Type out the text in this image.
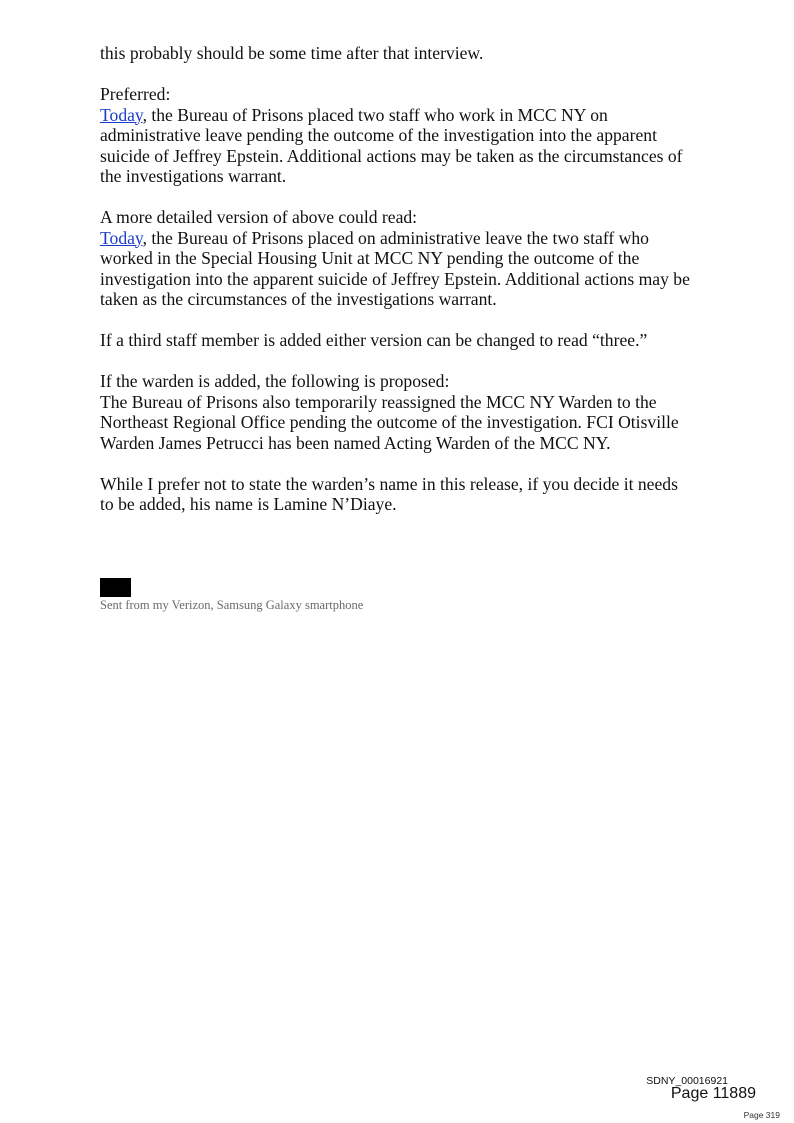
this probably should be some time after that interview.

Preferred:
Today, the Bureau of Prisons placed two staff who work in MCC NY on
administrative leave pending the outcome of the investigation into the apparent
suicide of Jeffrey Epstein. Additional actions may be taken as the circumstances of
the investigations warrant.

A more detailed version of above could read:
Today, the Bureau of Prisons placed on administrative leave the two staff who
worked in the Special Housing Unit at MCC NY pending the outcome of the
investigation into the apparent suicide of Jeffrey Epstein. Additional actions may be
taken as the circumstances of the investigations warrant.

If a third staff member is added either version can be changed to read “three.”

If the warden is added, the following is proposed:
The Bureau of Prisons also temporarily reassigned the MCC NY Warden to the
Northeast Regional Office pending the outcome of the investigation. FCI Otisville
Warden James Petrucci has been named Acting Warden of the MCC NY.

While I prefer not to state the warden’s name in this release, if you decide it needs
to be added, his name is Lamine N’Diaye.

Sent from my Verizon, Samsung Galaxy smartphone
SDNY_00016921
Page 11889
Page 319
